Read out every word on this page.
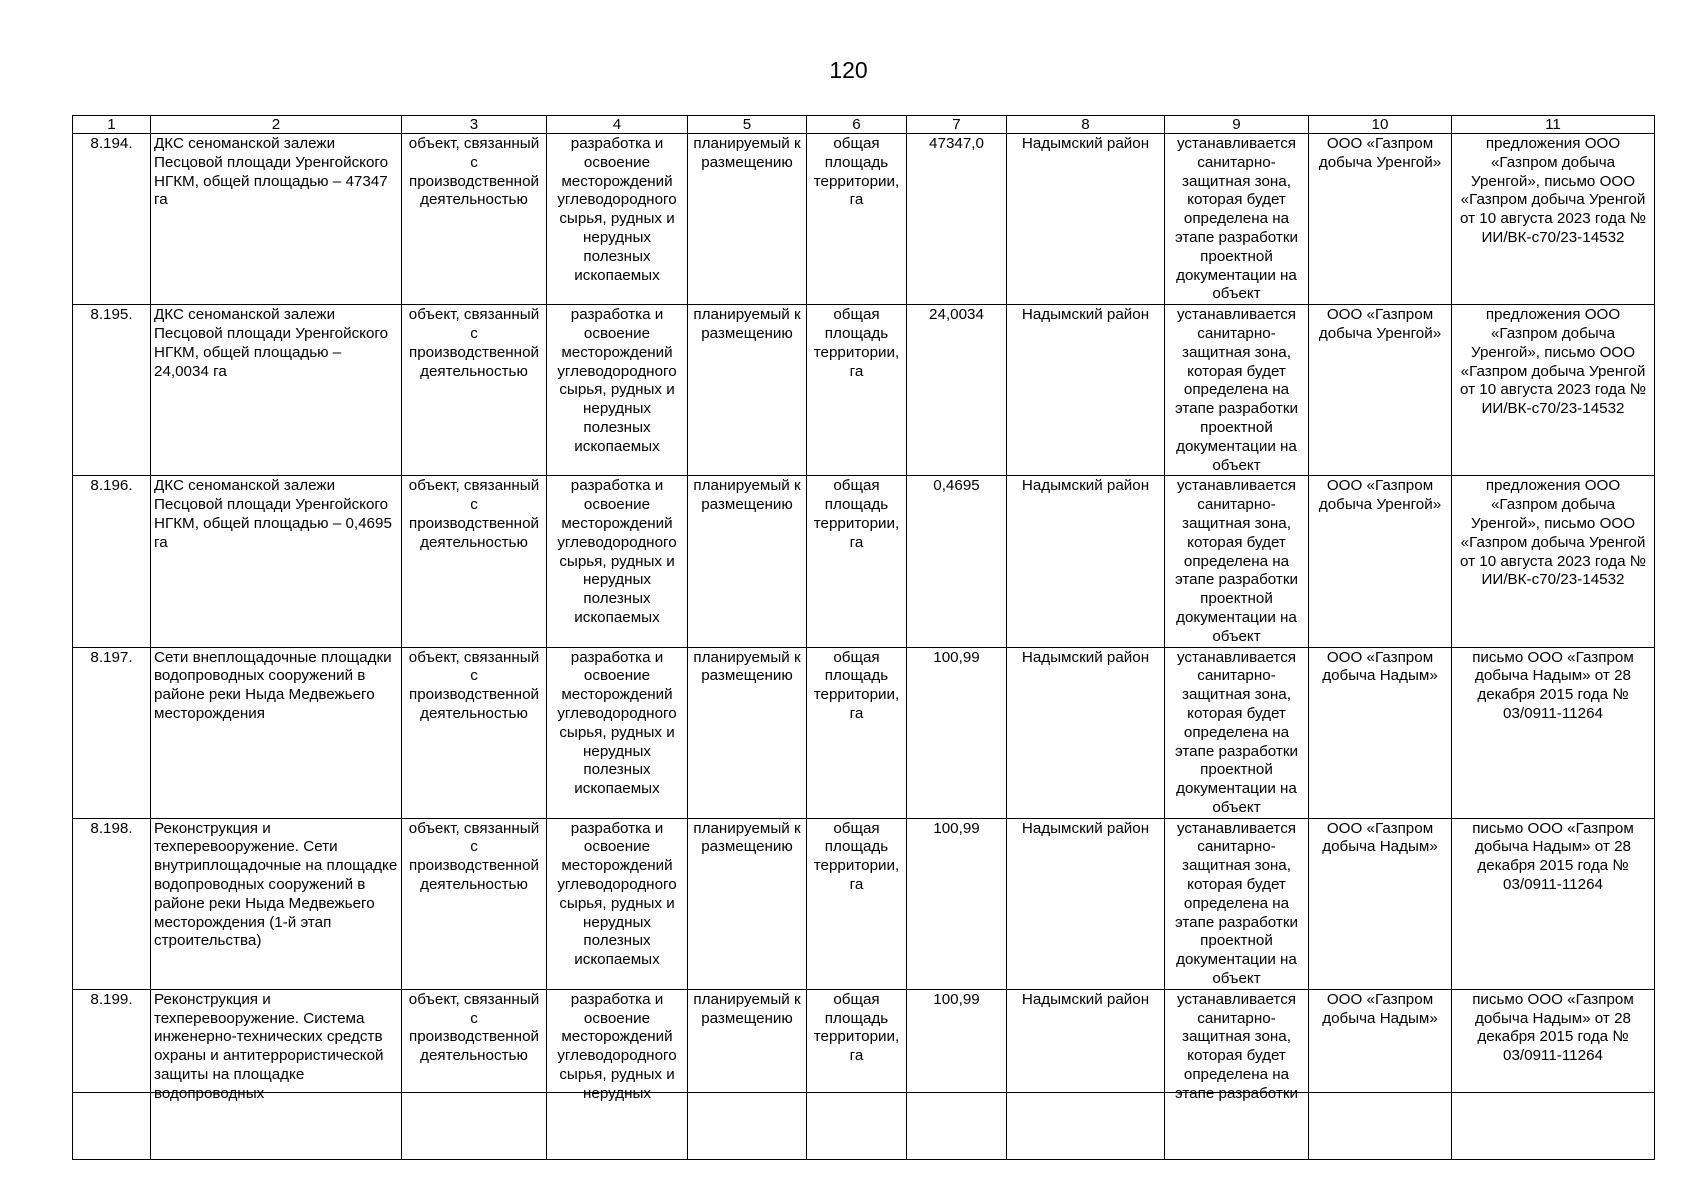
120
1	2	3	4	5	6	7	8	9	10	11
8.194.	ДКС сеноманской залежи Песцовой площади Уренгойского НГКМ, общей площадью – 47347 га	объект, связанный с производственной деятельностью	разработка и освоение месторождений углеводородного сырья, рудных и нерудных полезных ископаемых	планируемый к размещению	общая площадь территории, га	47347,0	Надымский район	устанавливается санитарно-защитная зона, которая будет определена на этапе разработки проектной документации на объект	ООО «Газпром добыча Уренгой»	предложения ООО «Газпром добыча Уренгой», письмо ООО «Газпром добыча Уренгой от 10 августа 2023 года № ИИ/ВК-с70/23-14532
8.195.	ДКС сеноманской залежи Песцовой площади Уренгойского НГКМ, общей площадью – 24,0034 га	объект, связанный с производственной деятельностью	разработка и освоение месторождений углеводородного сырья, рудных и нерудных полезных ископаемых	планируемый к размещению	общая площадь территории, га	24,0034	Надымский район	устанавливается санитарно-защитная зона, которая будет определена на этапе разработки проектной документации на объект	ООО «Газпром добыча Уренгой»	предложения ООО «Газпром добыча Уренгой», письмо ООО «Газпром добыча Уренгой от 10 августа 2023 года № ИИ/ВК-с70/23-14532
8.196.	ДКС сеноманской залежи Песцовой площади Уренгойского НГКМ, общей площадью – 0,4695 га	объект, связанный с производственной деятельностью	разработка и освоение месторождений углеводородного сырья, рудных и нерудных полезных ископаемых	планируемый к размещению	общая площадь территории, га	0,4695	Надымский район	устанавливается санитарно-защитная зона, которая будет определена на этапе разработки проектной документации на объект	ООО «Газпром добыча Уренгой»	предложения ООО «Газпром добыча Уренгой», письмо ООО «Газпром добыча Уренгой от 10 августа 2023 года № ИИ/ВК-с70/23-14532
8.197.	Сети внеплощадочные площадки водопроводных сооружений в районе реки Ныда Медвежьего месторождения	объект, связанный с производственной деятельностью	разработка и освоение месторождений углеводородного сырья, рудных и нерудных полезных ископаемых	планируемый к размещению	общая площадь территории, га	100,99	Надымский район	устанавливается санитарно-защитная зона, которая будет определена на этапе разработки проектной документации на объект	ООО «Газпром добыча Надым»	письмо ООО «Газпром добыча Надым» от 28 декабря 2015 года № 03/0911-11264
8.198.	Реконструкция и техперевооружение. Сети внутриплощадочные на площадке водопроводных сооружений в районе реки Ныда Медвежьего месторождения (1-й этап строительства)	объект, связанный с производственной деятельностью	разработка и освоение месторождений углеводородного сырья, рудных и нерудных полезных ископаемых	планируемый к размещению	общая площадь территории, га	100,99	Надымский район	устанавливается санитарно-защитная зона, которая будет определена на этапе разработки проектной документации на объект	ООО «Газпром добыча Надым»	письмо ООО «Газпром добыча Надым» от 28 декабря 2015 года № 03/0911-11264
8.199.	Реконструкция и техперевооружение. Система инженерно-технических средств охраны и антитеррористической защиты на площадке водопроводных	объект, связанный с производственной деятельностью	разработка и освоение месторождений углеводородного сырья, рудных и нерудных	планируемый к размещению	общая площадь территории, га	100,99	Надымский район	устанавливается санитарно-защитная зона, которая будет определена на этапе разработки	ООО «Газпром добыча Надым»	письмо ООО «Газпром добыча Надым» от 28 декабря 2015 года № 03/0911-11264
